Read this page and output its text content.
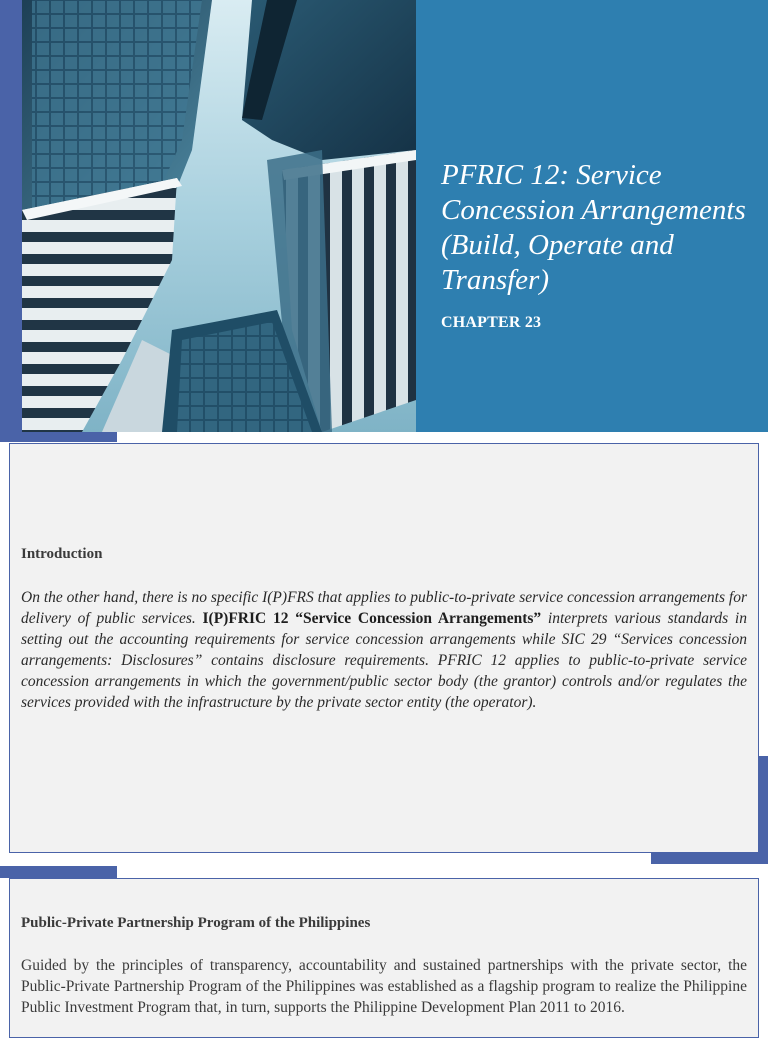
PFRIC 12: Service Concession Arrangements (Build, Operate and Transfer)
CHAPTER 23
Introduction

On the other hand, there is no specific I(P)FRS that applies to public-to-private service concession arrangements for delivery of public services. I(P)FRIC 12 “Service Concession Arrangements” interprets various standards in setting out the accounting requirements for service concession arrangements while SIC 29 “Services concession arrangements: Disclosures” contains disclosure requirements. PFRIC 12 applies to public-to-private service concession arrangements in which the government/public sector body (the grantor) controls and/or regulates the services provided with the infrastructure by the private sector entity (the operator).

Public-Private Partnership Program of the Philippines

Guided by the principles of transparency, accountability and sustained partnerships with the private sector, the Public-Private Partnership Program of the Philippines was established as a flagship program to realize the Philippine Public Investment Program that, in turn, supports the Philippine Development Plan 2011 to 2016.
